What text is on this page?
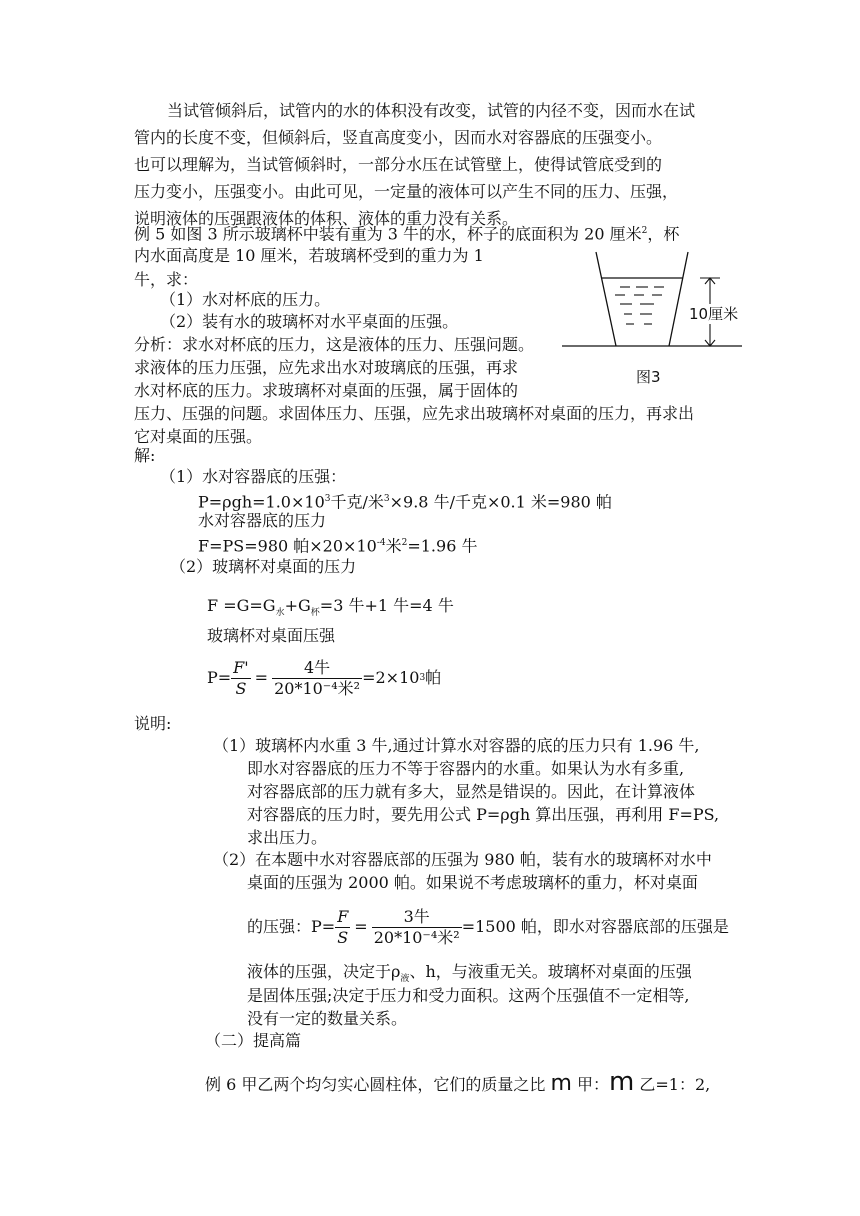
当试管倾斜后，试管内的水的体积没有改变，试管的内径不变，因而水在试
管内的长度不变，但倾斜后，竖直高度变小，因而水对容器底的压强变小。
也可以理解为，当试管倾斜时，一部分水压在试管壁上，使得试管底受到的
压力变小，压强变小。由此可见，一定量的液体可以产生不同的压力、压强，
说明液体的压强跟液体的体积、液体的重力没有关系。
例 5 如图 3 所示玻璃杯中装有重为 3 牛的水，杯子的底面积为 20 厘米$^2$，杯
内水面高度是 10 厘米，若玻璃杯受到的重力为 1
牛，求：
（1）水对杯底的压力。
（2）装有水的玻璃杯对水平桌面的压强。
分析：求水对杯底的压力，这是液体的压力、压强问题。
求液体的压力压强，应先求出水对玻璃底的压强，再求
水对杯底的压力。求玻璃杯对桌面的压强，属于固体的
压力、压强的问题。求固体压力、压强，应先求出玻璃杯对桌面的压力，再求出
它对桌面的压强。
10厘米
图3
解:
（1）水对容器底的压强：
$P=\rho gh=1.0\times 10^3$千克/米$^3$×9.8 牛/千克×0.1 米=980 帕
水对容器底的压力
F=PS=980 帕$\times 20\times 10^{-4}$米$^2$=1.96 牛
（2）玻璃杯对桌面的压力
$F =G=G_水+G_杯=3$ 牛+1 牛=4 牛
玻璃杯对桌面压强
$P= \frac{F'}{S} = \frac{\text{4牛}}{\text{20*10⁻⁴米²}} =2\times 10$ 3 帕
说明:
（1）玻璃杯内水重 3 牛,通过计算水对容器的底的压力只有 1.96 牛,
即水对容器底的压力不等于容器内的水重。如果认为水有多重,
对容器底部的压力就有多大，显然是错误的。因此，在计算液体
对容器底的压力时，要先用公式 P=ρgh 算出压强，再利用 F=PS,
求出压力。
（2）在本题中水对容器底部的压强为 980 帕，装有水的玻璃杯对水中
桌面的压强为 2000 帕。如果说不考虑玻璃杯的重力，杯对桌面
的压强：$P= \frac{F}{S} = \frac{\text{3牛}}{\text{20*10⁻⁴米²}} =1500$ 帕，即水对容器底部的压强是
液体的压强，决定于$\rho_液$、h，与液重无关。玻璃杯对桌面的压强
是固体压强;决定于压力和受力面积。这两个压强值不一定相等,
没有一定的数量关系。
（二）提高篇
例 6 甲乙两个均匀实心圆柱体，它们的质量之比 m 甲：m 乙=1：2,
